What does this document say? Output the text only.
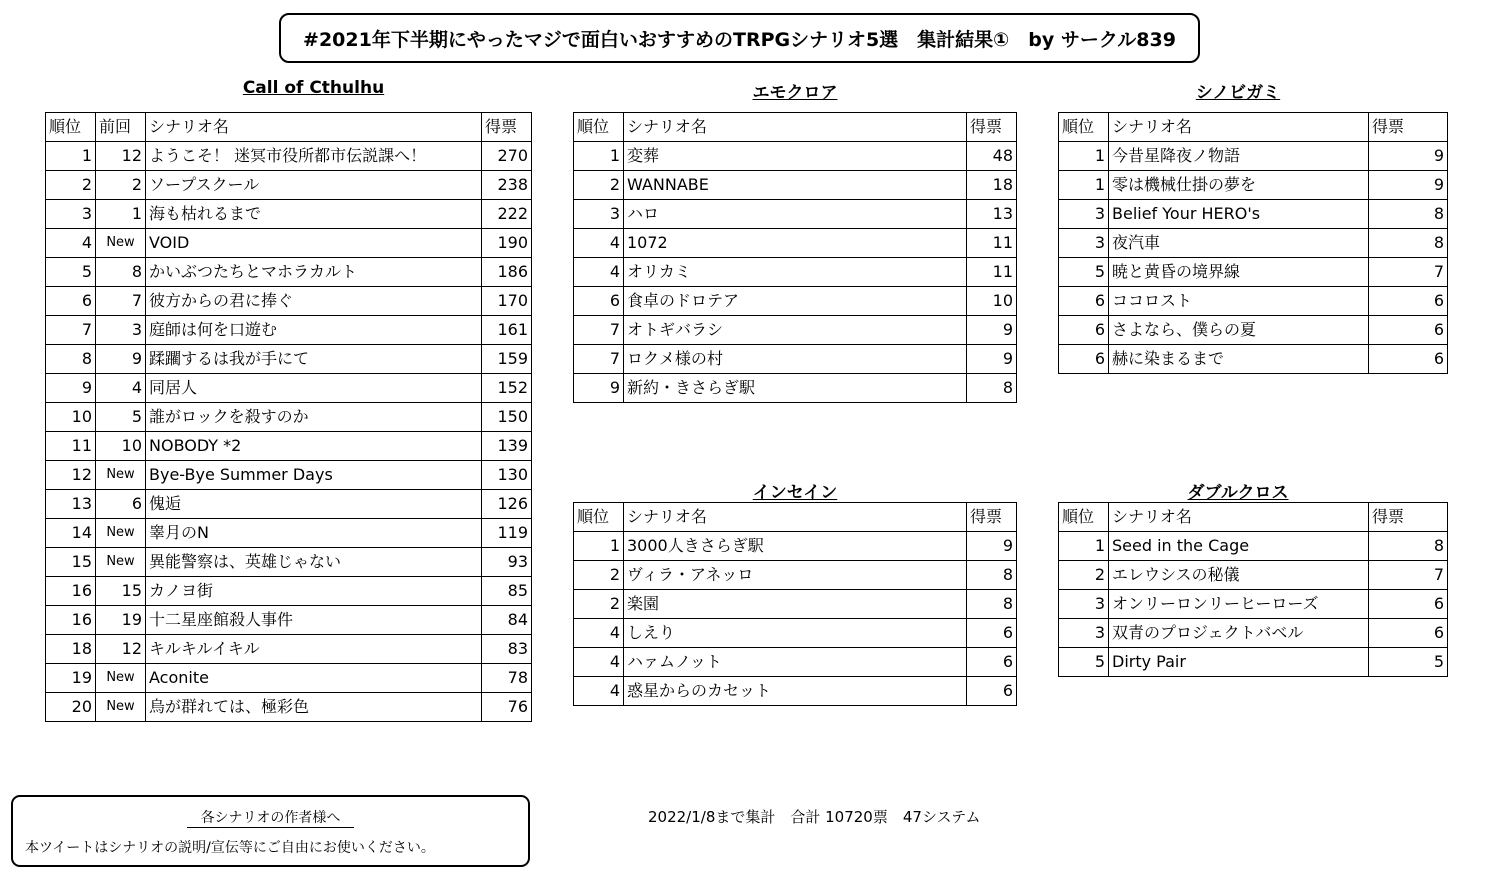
#2021年下半期にやったマジで面白いおすすめのTRPGシナリオ5選　集計結果①　by サークル839
Call of Cthulhu	エモクロア	シノビガミ
インセイン	ダブルクロス
順位	前回	シナリオ名	得票
1	12	ようこそ！ 迷冥市役所都市伝説課へ！	270
2	2	ソープスクール	238
3	1	海も枯れるまで	222
4	New	VOID	190
5	8	かいぶつたちとマホラカルト	186
6	7	彼方からの君に捧ぐ	170
7	3	庭師は何を口遊む	161
8	9	蹂躙するは我が手にて	159
9	4	同居人	152
10	5	誰がロックを殺すのか	150
11	10	NOBODY *2	139
12	New	Bye-Bye Summer Days	130
13	6	傀逅	126
14	New	睾月のN	119
15	New	異能警察は、英雄じゃない	93
16	15	カノヨ街	85
16	19	十二星座館殺人事件	84
18	12	キルキルイキル	83
19	New	Aconite	78
20	New	烏が群れては、極彩色	76
順位	シナリオ名	得票
1	変葬	48
2	WANNABE	18
3	ハロ	13
4	1072	11
4	オリカミ	11
6	食卓のドロテア	10
7	オトギバラシ	9
7	ロクメ様の村	9
9	新約・きさらぎ駅	8
順位	シナリオ名	得票
1	今昔星降夜ノ物語	9
1	零は機械仕掛の夢を	9
3	Belief Your HERO's	8
3	夜汽車	8
5	暁と黄昏の境界線	7
6	ココロスト	6
6	さよなら、僕らの夏	6
6	赫に染まるまで	6
順位	シナリオ名	得票
1	3000人きさらぎ駅	9
2	ヴィラ・アネッロ	8
2	楽園	8
4	しえり	6
4	ハァムノット	6
4	惑星からのカセット	6
順位	シナリオ名	得票
1	Seed in the Cage	8
2	エレウシスの秘儀	7
3	オンリーロンリーヒーローズ	6
3	双青のプロジェクトバベル	6
5	Dirty Pair	5
各シナリオの作者様へ
本ツイートはシナリオの説明/宣伝等にご自由にお使いください。
2022/1/8まで集計　合計 10720票　47システム
